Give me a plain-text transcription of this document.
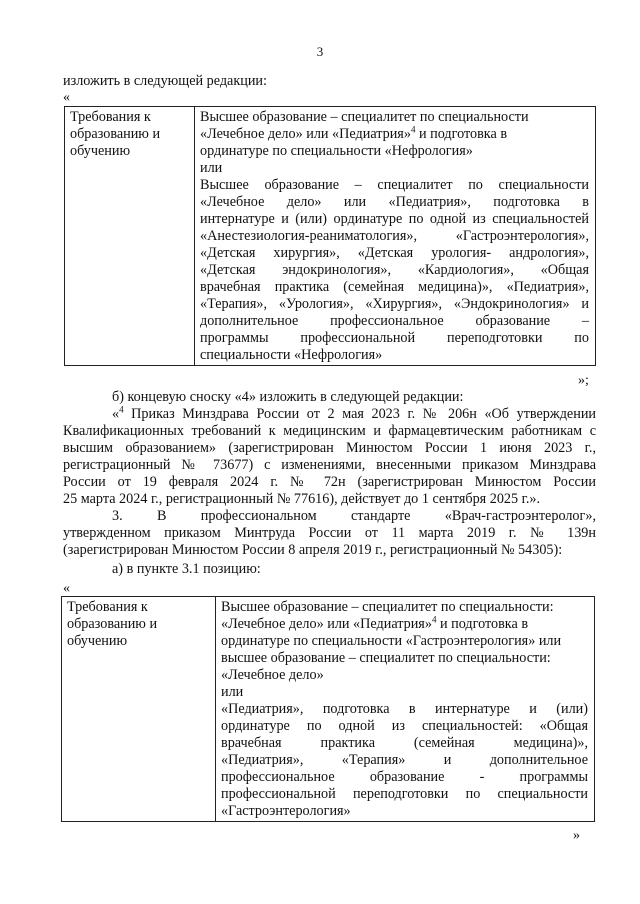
3
изложить в следующей редакции:
«
Требования к
образованию и
обучению

Высшее образование – специалитет по специальности
«Лечебное дело» или «Педиатрия»$^4$ и подготовка в
ординатуре по специальности «Нефрология»
или
Высшее образование – специалитет по специальности
«Лечебное дело» или «Педиатрия», подготовка в
интернатуре и (или) ординатуре по одной из специальностей
«Анестезиология-реаниматология», «Гастроэнтерология»,
«Детская хирургия», «Детская урология- андрология»,
«Детская эндокринология», «Кардиология», «Общая
врачебная практика (семейная медицина)», «Педиатрия»,
«Терапия», «Урология», «Хирургия», «Эндокринология» и
дополнительное профессиональное образование –
программы профессиональной переподготовки по
специальности «Нефрология»
»;
б) концевую сноску «4» изложить в следующей редакции:
«$^4$ Приказ Минздрава России от 2 мая 2023 г. № 206н «Об утверждении
Квалификационных требований к медицинским и фармацевтическим работникам с
высшим образованием» (зарегистрирован Минюстом России 1 июня 2023 г.,
регистрационный № 73677) с изменениями, внесенными приказом Минздрава
России от 19 февраля 2024 г. № 72н (зарегистрирован Минюстом России
25 марта 2024 г., регистрационный № 77616), действует до 1 сентября 2025 г.».
3. В профессиональном стандарте «Врач-гастроэнтеролог»,
утвержденном приказом Минтруда России от 11 марта 2019 г. № 139н
(зарегистрирован Минюстом России 8 апреля 2019 г., регистрационный № 54305):
а) в пункте 3.1 позицию:
«
Требования к
образованию и
обучению

Высшее образование – специалитет по специальности:
«Лечебное дело» или «Педиатрия»$^4$ и подготовка в
ординатуре по специальности «Гастроэнтерология» или
высшее образование – специалитет по специальности:
«Лечебное дело»
или
«Педиатрия», подготовка в интернатуре и (или)
ординатуре по одной из специальностей: «Общая
врачебная практика (семейная медицина)»,
«Педиатрия», «Терапия» и дополнительное
профессиональное образование - программы
профессиональной переподготовки по специальности
«Гастроэнтерология»
»
